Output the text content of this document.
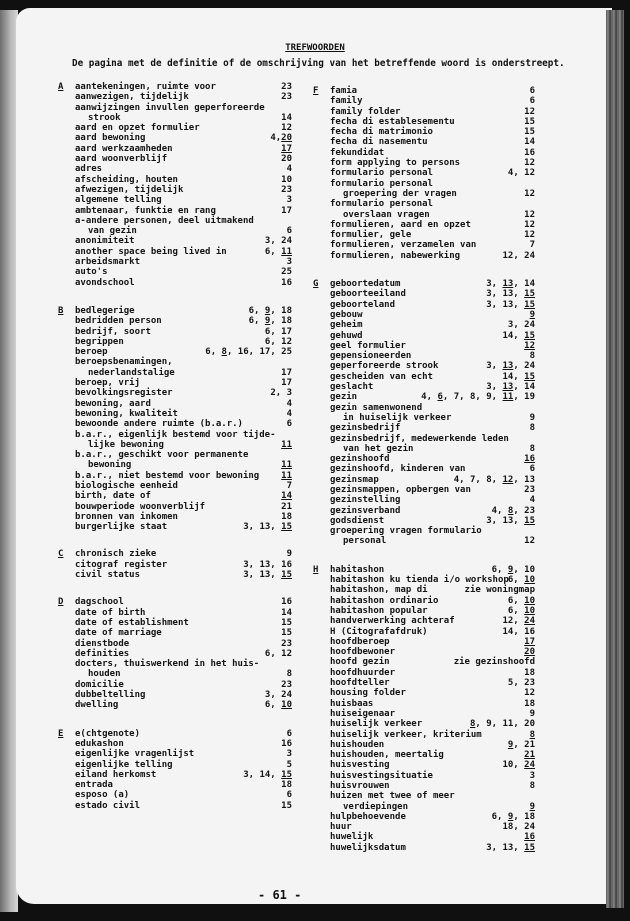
TREFWOORDEN
De pagina met de definitie of de omschrijving van het betreffende woord is onderstreept.
A	aantekeningen, ruimte voor	23
aanwezigen, tijdelijk	23
aanwijzingen invullen geperforeerde
strook	14
aard en opzet formulier	12
aard bewoning	4,20
aard werkzaamheden	17
aard woonverblijf	20
adres	4
afscheiding, houten	10
afwezigen, tijdelijk	23
algemene telling	3
ambtenaar, funktie en rang	17
a-andere personen, deel uitmakend
van gezin	6
anonimiteit	3, 24
another space being lived in	6, 11
arbeidsmarkt	3
auto's	25
avondschool	16
B	bedlegerige	6, 9, 18
bedridden person	6, 9, 18
bedrijf, soort	6, 17
begrippen	6, 12
beroep	6, 8, 16, 17, 25
beroepsbenamingen,
nederlandstalige	17
beroep, vrij	17
bevolkingsregister	2, 3
bewoning, aard	4
bewoning, kwaliteit	4
bewoonde andere ruimte (b.a.r.)	6
b.a.r., eigenlijk bestemd voor tijde-
lijke bewoning	11
b.a.r., geschikt voor permanente
bewoning	11
b.a.r., niet bestemd voor bewoning 11
biologische eenheid	7
birth, date of	14
bouwperiode woonverblijf	21
bronnen van inkomen	18
burgerlijke staat	3, 13, 15
C	chronisch zieke	9
citograf register	3, 13, 16
civil status	3, 13, 15
D	dagschool	16
date of birth	14
date of establishment	15
date of marriage	15
dienstbode	23
definities	6, 12
docters, thuiswerkend in het huis-
houden	8
domicilie	23
dubbeltelling	3, 24
dwelling	6, 10
E	e(chtgenote)	6
edukashon	16
eigenlijke vragenlijst	3
eigenlijke telling	5
eiland herkomst	3, 14, 15
entrada	18
esposo (a)	6
estado civil	15
F	famia	6
family	6
family folder	12
fecha di establesementu	15
fecha di matrimonio	15
fecha di nasementu	14
fekundidat	16
form applying to persons	12
formulario personal	4, 12
formulario personal
groepering der vragen	12
formulario personal
overslaan vragen	12
formulieren, aard en opzet	12
formulier, gele	12
formulieren, verzamelen van	7
formulieren, nabewerking	12, 24
G	geboortedatum	3, 13, 14
geboorteeiland	3, 13, 15
geboorteland	3, 13, 15
gebouw	9
geheim	3, 24
gehuwd	14, 15
geel formulier	12
gepensioneerden	8
geperforeerde strook	3, 13, 24
gescheiden van echt	14, 15
geslacht	3, 13, 14
gezin	4, 6, 7, 8, 9, 11, 19
gezin samenwonend
in huiselijk verkeer	9
gezinsbedrijf	8
gezinsbedrijf, medewerkende leden
van het gezin	8
gezinshoofd	16
gezinshoofd, kinderen van	6
gezinsmap	4, 7, 8, 12, 13
gezinsmappen, opbergen van	23
gezinstelling	4
gezinsverband	4, 8, 23
godsdienst	3, 13, 15
groepering vragen formulario
personal	12
H	habitashon	6, 9, 10
habitashon ku tienda i/o workshop 6, 10
habitashon, map di	zie woningmap
habitashon ordinario	6, 10
habitashon popular	6, 10
handverwerking achteraf	12, 24
H (Citografafdruk)	14, 16
hoofdberoep	17
hoofdbewoner	20
hoofd gezin	zie gezinshoofd
hoofdhuurder	18
hoofdteller	5, 23
housing folder	12
huisbaas	18
huiseigenaar	9
huiselijk verkeer	8, 9, 11, 20
huiselijk verkeer, kriterium	8
huishouden	9, 21
huishouden, meertalig	21
huisvesting	10, 24
huisvestingsituatie	3
huisvrouwen	8
huizen met twee of meer
verdiepingen	9
hulpbehoevende	6, 9, 18
huur	18, 24
huwelijk	16
huwelijksdatum	3, 13, 15
- 61 -
